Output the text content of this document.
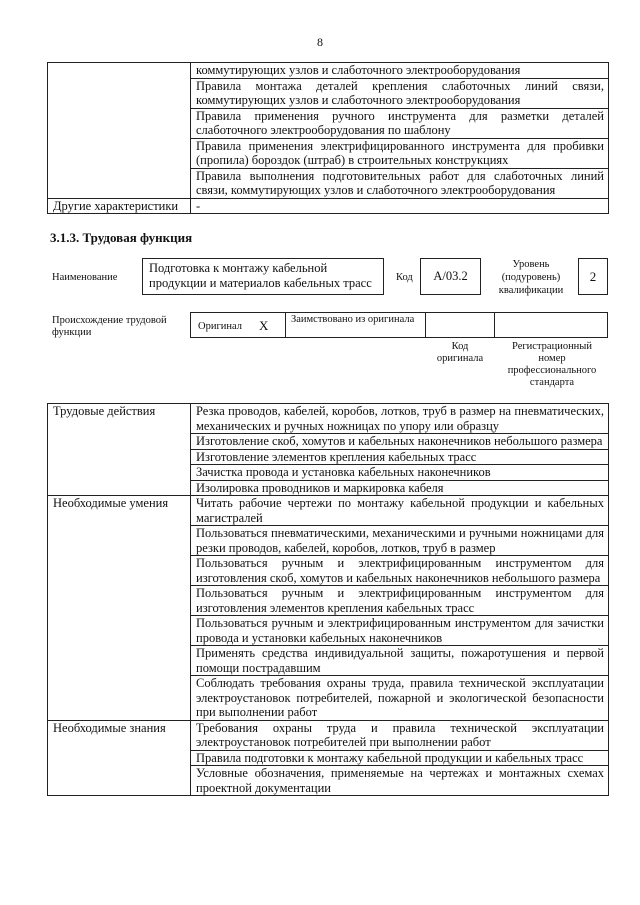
8
	коммутирующих узлов и слаботочного электрооборудования
	Правила монтажа деталей крепления слаботочных линий связи, коммутирующих узлов и слаботочного электрооборудования
	Правила применения ручного инструмента для разметки деталей слаботочного электрооборудования по шаблону
	Правила применения электрифицированного инструмента для пробивки (пропила) бороздок (штраб) в строительных конструкциях
	Правила выполнения подготовительных работ для слаботочных линий связи, коммутирующих узлов и слаботочного электрооборудования
Другие характеристики	-
3.1.3. Трудовая функция
Наименование
Подготовка к монтажу кабельной продукции и материалов кабельных трасс	Код	А/03.2
Уровень (подуровень) квалификации
2
Происхождение трудовой функции
Оригинал X Заимствовано из оригинала
Код оригинала
Регистрационный номер профессионального стандарта
Трудовые действия	Резка проводов, кабелей, коробов, лотков, труб в размер на пневматических, механических и ручных ножницах по упору или образцу
	Изготовление скоб, хомутов и кабельных наконечников небольшого размера
	Изготовление элементов крепления кабельных трасс
	Зачистка провода и установка кабельных наконечников
	Изолировка проводников и маркировка кабеля
Необходимые умения	Читать рабочие чертежи по монтажу кабельной продукции и кабельных магистралей
	Пользоваться пневматическими, механическими и ручными ножницами для резки проводов, кабелей, коробов, лотков, труб в размер
	Пользоваться ручным и электрифицированным инструментом для изготовления скоб, хомутов и кабельных наконечников небольшого размера
	Пользоваться ручным и электрифицированным инструментом для изготовления элементов крепления кабельных трасс
	Пользоваться ручным и электрифицированным инструментом для зачистки провода и установки кабельных наконечников
	Применять средства индивидуальной защиты, пожаротушения и первой помощи пострадавшим
	Соблюдать требования охраны труда, правила технической эксплуатации электроустановок потребителей, пожарной и экологической безопасности при выполнении работ
Необходимые знания	Требования охраны труда и правила технической эксплуатации электроустановок потребителей при выполнении работ
	Правила подготовки к монтажу кабельной продукции и кабельных трасс
	Условные обозначения, применяемые на чертежах и монтажных схемах проектной документации
